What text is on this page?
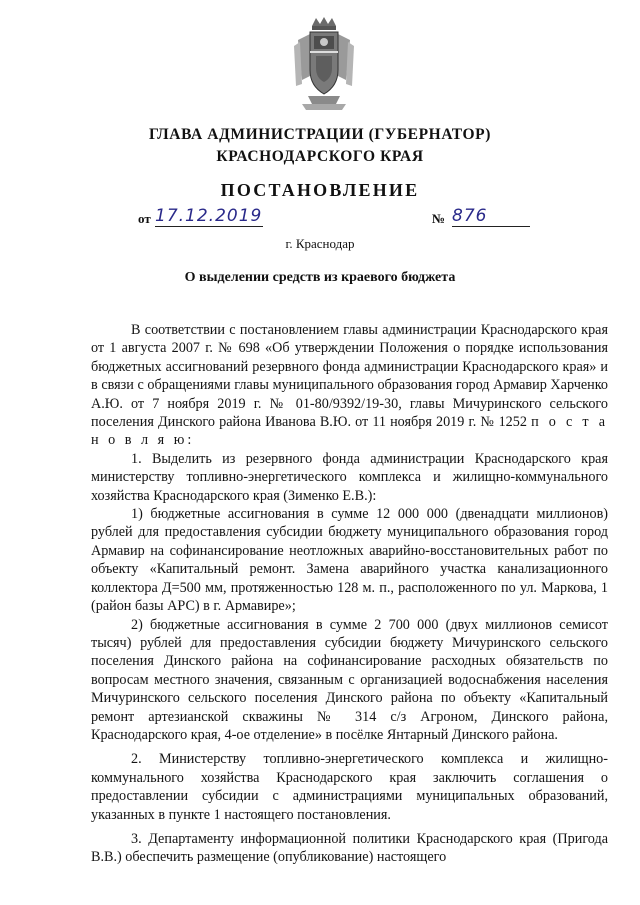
ГЛАВА АДМИНИСТРАЦИИ (ГУБЕРНАТОР)
КРАСНОДАРСКОГО КРАЯ
ПОСТАНОВЛЕНИЕ
от 17.12.2019	№ 876
г. Краснодар
О выделении средств из краевого бюджета

В соответствии с постановлением главы администрации Краснодарского края от 1 августа 2007 г. № 698 «Об утверждении Положения о порядке использования бюджетных ассигнований резервного фонда администрации Краснодарского края» и в связи с обращениями главы муниципального образования город Армавир Харченко А.Ю. от 7 ноября 2019 г. № 01-80/9392/19-30, главы Мичуринского сельского поселения Динского района Иванова В.Ю. от 11 ноября 2019 г. № 1252 п о с т а н о в л я ю:

1. Выделить из резервного фонда администрации Краснодарского края министерству топливно-энергетического комплекса и жилищно-коммунального хозяйства Краснодарского края (Зименко Е.В.):

1) бюджетные ассигнования в сумме 12 000 000 (двенадцати миллионов) рублей для предоставления субсидии бюджету муниципального образования город Армавир на софинансирование неотложных аварийно-восстановительных работ по объекту «Капитальный ремонт. Замена аварийного участка канализационного коллектора Д=500 мм, протяженностью 128 м. п., расположенного по ул. Маркова, 1 (район базы АРС) в г. Армавире»;

2) бюджетные ассигнования в сумме 2 700 000 (двух миллионов семисот тысяч) рублей для предоставления субсидии бюджету Мичуринского сельского поселения Динского района на софинансирование расходных обязательств по вопросам местного значения, связанным с организацией водоснабжения населения Мичуринского сельского поселения Динского района по объекту «Капитальный ремонт артезианской скважины № 314 с/з Агроном, Динского района, Краснодарского края, 4-ое отделение» в посёлке Янтарный Динского района.

2. Министерству топливно-энергетического комплекса и жилищно-коммунального хозяйства Краснодарского края заключить соглашения о предоставлении субсидии с администрациями муниципальных образований, указанных в пункте 1 настоящего постановления.

3. Департаменту информационной политики Краснодарского края (Пригода В.В.) обеспечить размещение (опубликование) настоящего
